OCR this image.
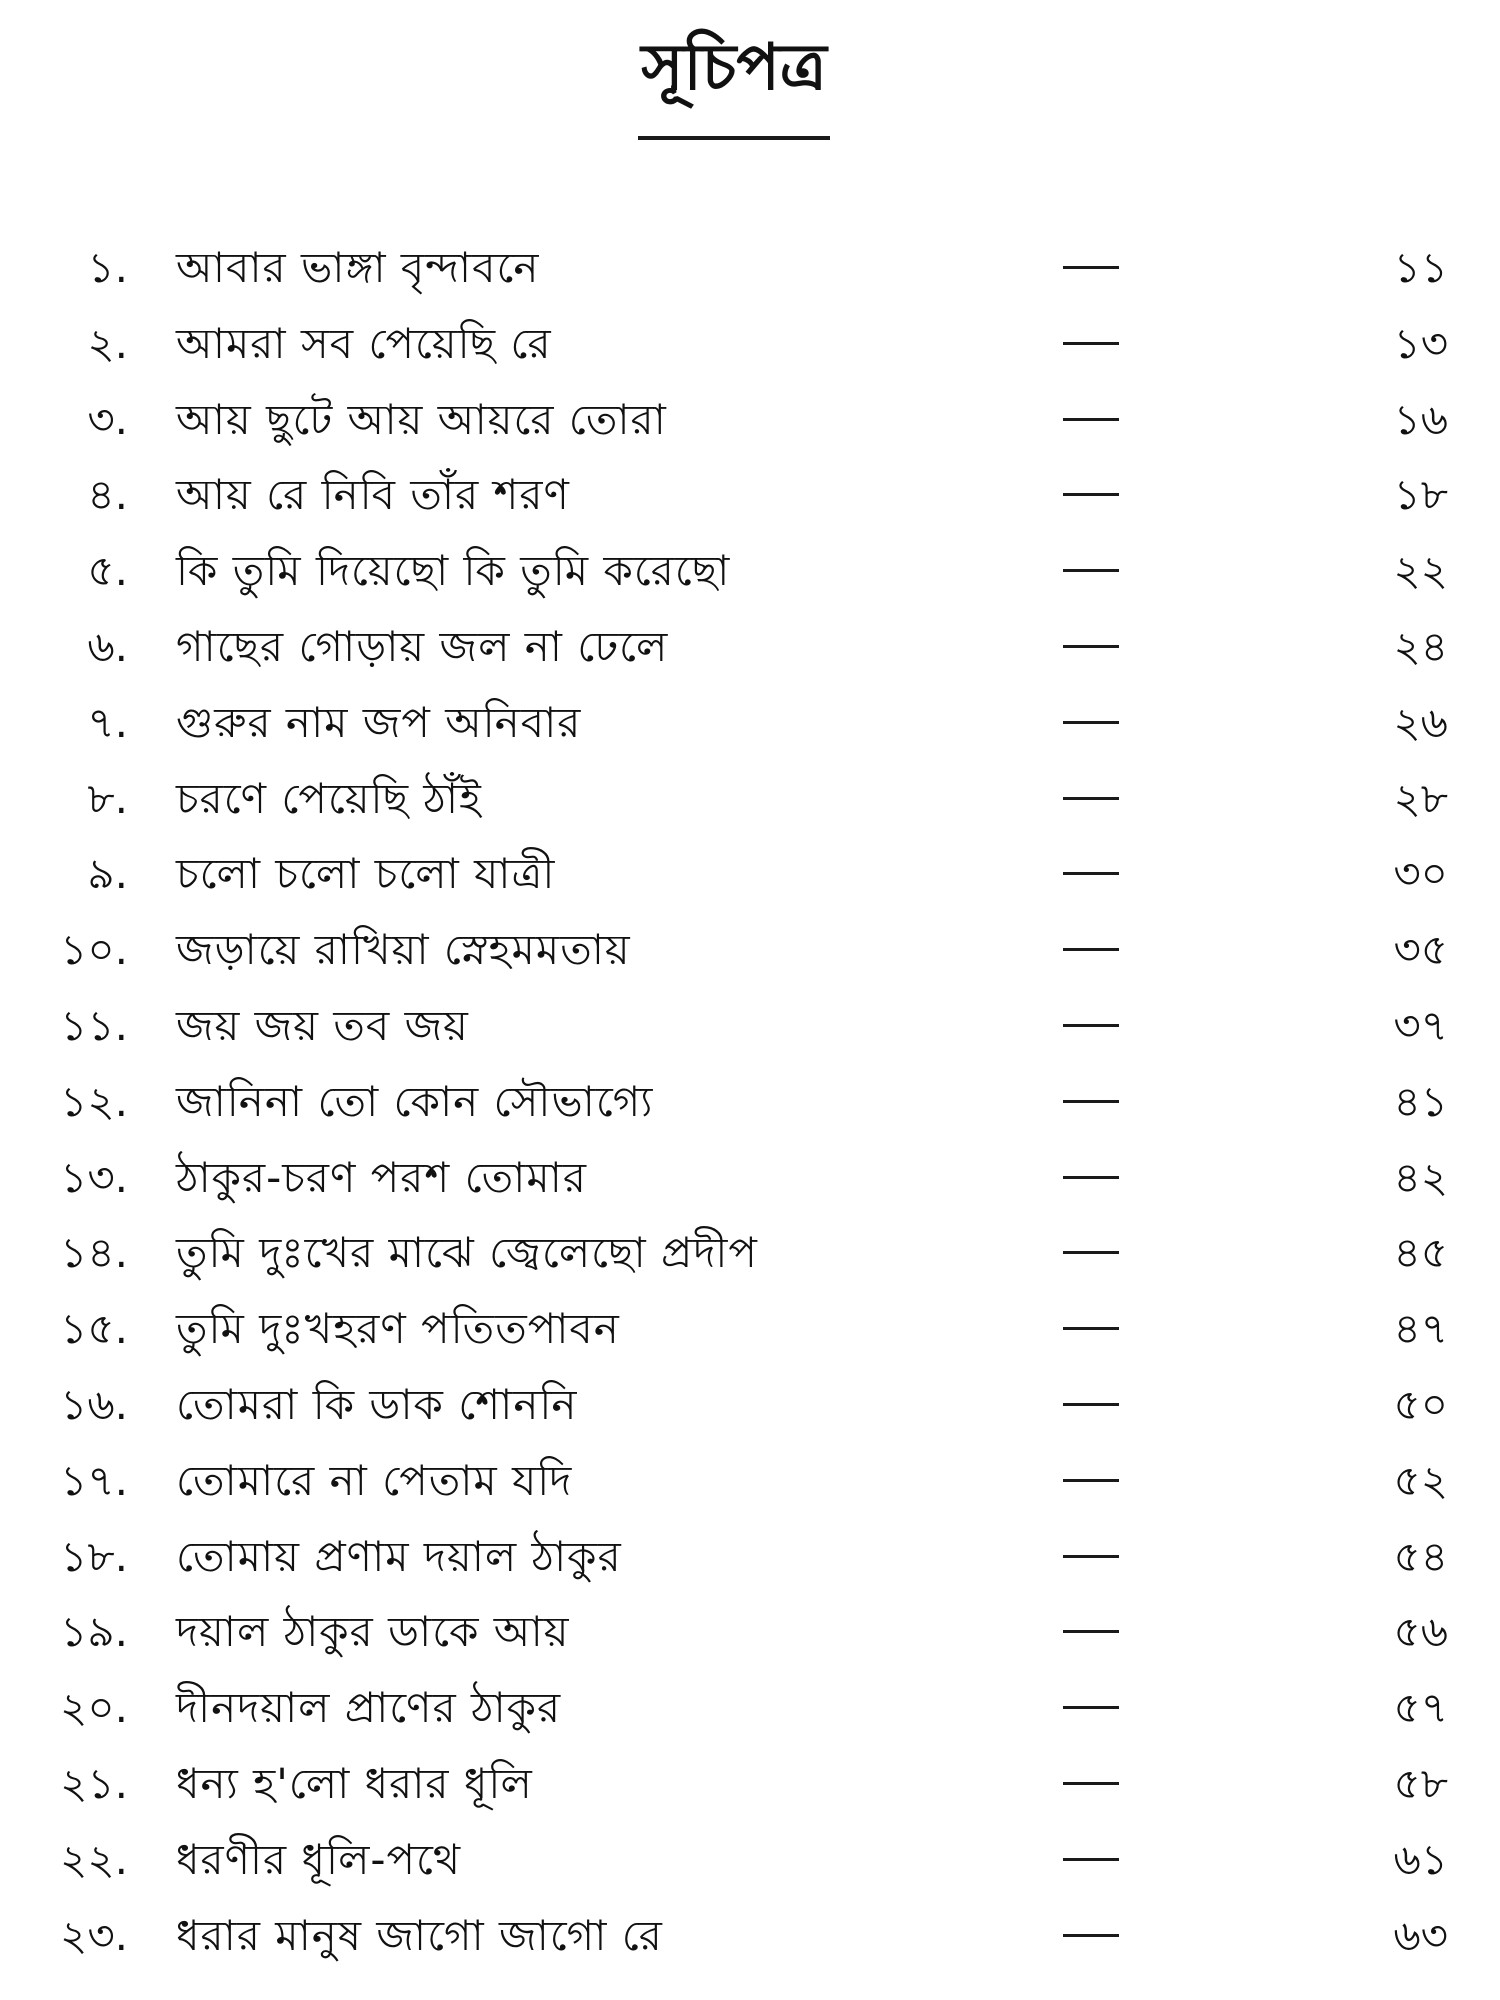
সূচিপত্র
১. আবার ভাঙ্গা বৃন্দাবনে	১১
২. আমরা সব পেয়েছি রে	১৩
৩. আয় ছুটে আয় আয়রে তোরা	১৬
৪. আয় রে নিবি তাঁর শরণ	১৮
৫. কি তুমি দিয়েছো কি তুমি করেছো	২২
৬. গাছের গোড়ায় জল না ঢেলে	২৪
৭. গুরুর নাম জপ অনিবার	২৬
৮. চরণে পেয়েছি ঠাঁই	২৮
৯. চলো চলো চলো যাত্রী	৩০
১০. জড়ায়ে রাখিয়া স্নেহমমতায়	৩৫
১১. জয় জয় তব জয়	৩৭
১২. জানিনা তো কোন সৌভাগ্যে	৪১
১৩. ঠাকুর-চরণ পরশ তোমার	৪২
১৪. তুমি দুঃখের মাঝে জ্বেলেছো প্রদীপ	৪৫
১৫. তুমি দুঃখহরণ পতিতপাবন	৪৭
১৬. তোমরা কি ডাক শোননি	৫০
১৭. তোমারে না পেতাম যদি	৫২
১৮. তোমায় প্রণাম দয়াল ঠাকুর	৫৪
১৯. দয়াল ঠাকুর ডাকে আয়	৫৬
২০. দীনদয়াল প্রাণের ঠাকুর	৫৭
২১. ধন্য হ'লো ধরার ধূলি	৫৮
২২. ধরণীর ধূলি-পথে	৬১
২৩. ধরার মানুষ জাগো জাগো রে	৬৩
